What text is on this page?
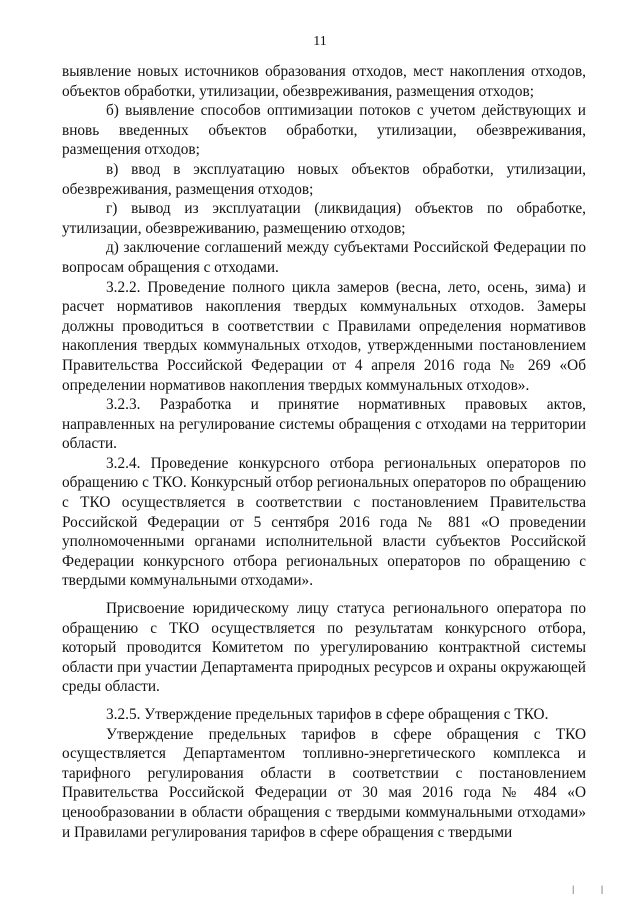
11

выявление новых источников образования отходов, мест накопления отходов, объектов обработки, утилизации, обезвреживания, размещения отходов;

б) выявление способов оптимизации потоков с учетом действующих и вновь введенных объектов обработки, утилизации, обезвреживания, размещения отходов;

в) ввод в эксплуатацию новых объектов обработки, утилизации, обезвреживания, размещения отходов;

г) вывод из эксплуатации (ликвидация) объектов по обработке, утилизации, обезвреживанию, размещению отходов;

д) заключение соглашений между субъектами Российской Федерации по вопросам обращения с отходами.

3.2.2. Проведение полного цикла замеров (весна, лето, осень, зима) и расчет нормативов накопления твердых коммунальных отходов. Замеры должны проводиться в соответствии с Правилами определения нормативов накопления твердых коммунальных отходов, утвержденными постановлением Правительства Российской Федерации от 4 апреля 2016 года № 269 «Об определении нормативов накопления твердых коммунальных отходов».

3.2.3. Разработка и принятие нормативных правовых актов, направленных на регулирование системы обращения с отходами на территории области.

3.2.4. Проведение конкурсного отбора региональных операторов по обращению с ТКО. Конкурсный отбор региональных операторов по обращению с ТКО осуществляется в соответствии с постановлением Правительства Российской Федерации от 5 сентября 2016 года № 881 «О проведении уполномоченными органами исполнительной власти субъектов Российской Федерации конкурсного отбора региональных операторов по обращению с твердыми коммунальными отходами».

Присвоение юридическому лицу статуса регионального оператора по обращению с ТКО осуществляется по результатам конкурсного отбора, который проводится Комитетом по урегулированию контрактной системы области при участии Департамента природных ресурсов и охраны окружающей среды области.

3.2.5. Утверждение предельных тарифов в сфере обращения с ТКО.

Утверждение предельных тарифов в сфере обращения с ТКО осуществляется Департаментом топливно-энергетического комплекса и тарифного регулирования области в соответствии с постановлением Правительства Российской Федерации от 30 мая 2016 года № 484 «О ценообразовании в области обращения с твердыми коммунальными отходами» и Правилами регулирования тарифов в сфере обращения с твердыми

| |
